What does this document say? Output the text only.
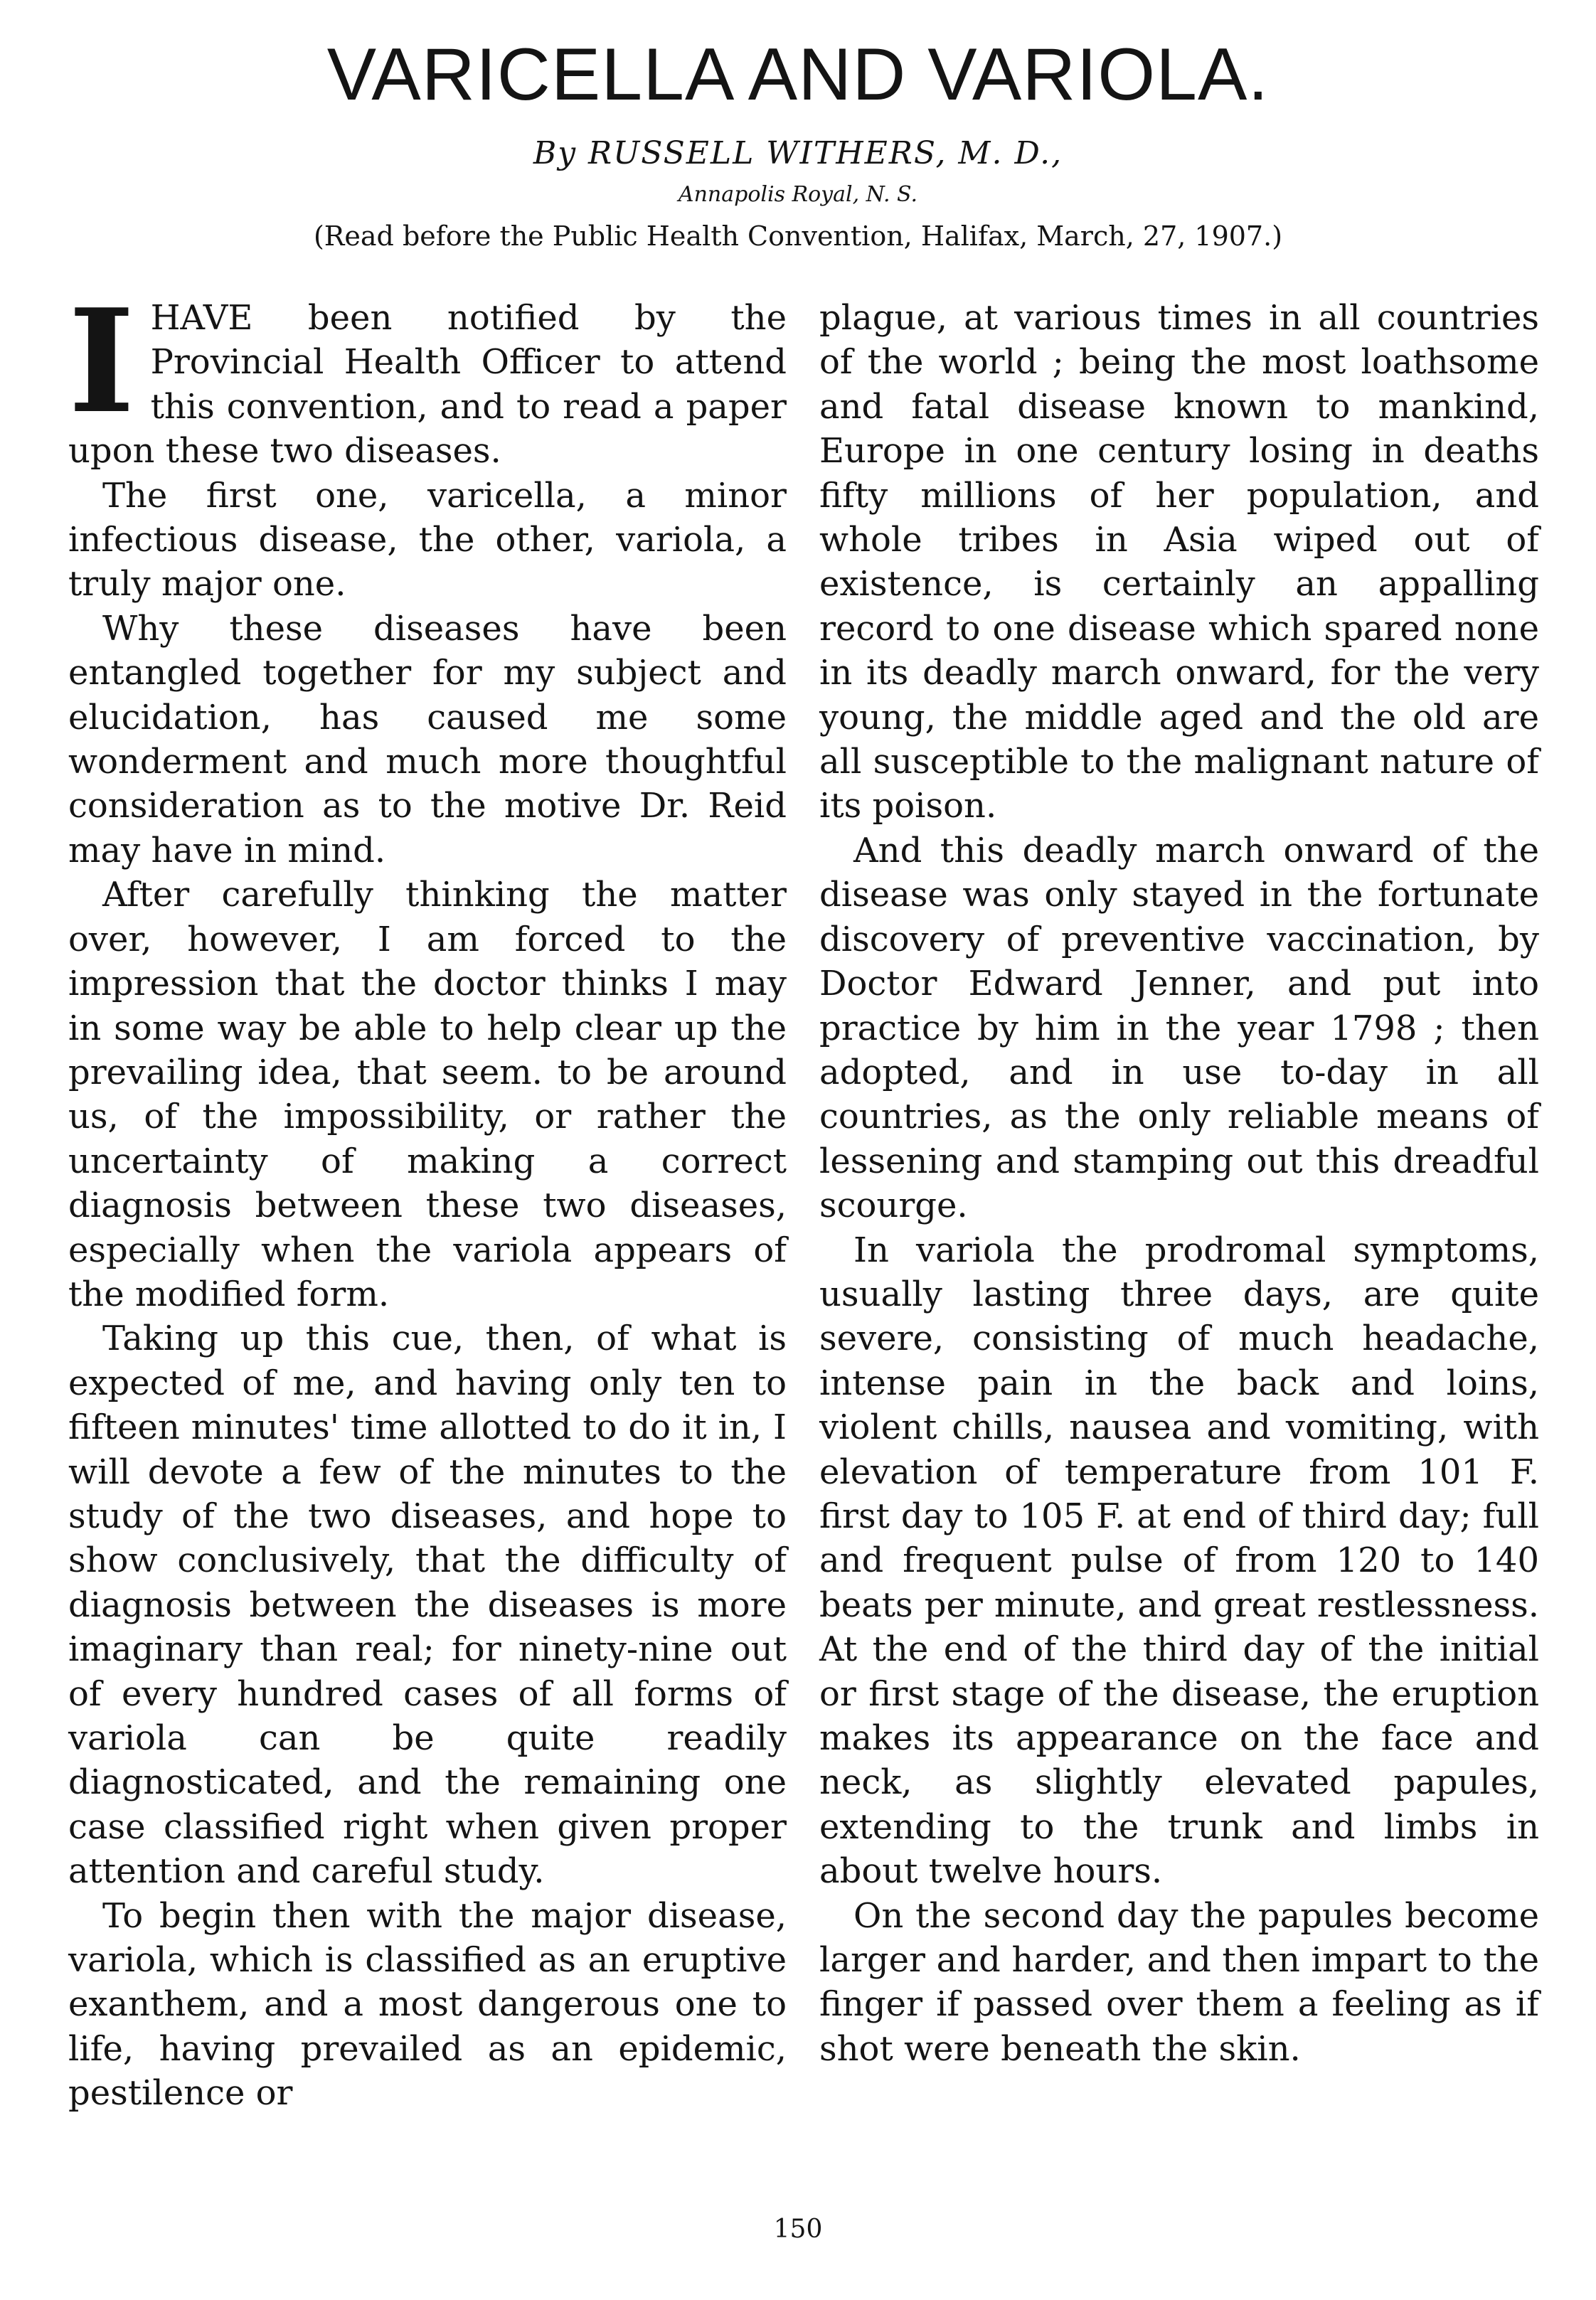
VARICELLA AND VARIOLA.

By RUSSELL WITHERS, M. D.,

Annapolis Royal, N. S.

(Read before the Public Health Convention, Halifax, March, 27, 1907.)

IHAVE been notified by the Provincial Health Officer to attend this convention, and to read a paper upon these two diseases.

The first one, varicella, a minor infectious disease, the other, variola, a truly major one.

Why these diseases have been entangled together for my subject and elucidation, has caused me some wonderment and much more thoughtful consideration as to the motive Dr. Reid may have in mind.

After carefully thinking the matter over, however, I am forced to the impression that the doctor thinks I may in some way be able to help clear up the prevailing idea, that seem. to be around us, of the impossibility, or rather the uncertainty of making a correct diagnosis between these two diseases, especially when the variola appears of the modified form.

Taking up this cue, then, of what is expected of me, and having only ten to fifteen minutes' time allotted to do it in, I will devote a few of the minutes to the study of the two diseases, and hope to show conclusively, that the difficulty of diagnosis between the diseases is more imaginary than real; for ninety-nine out of every hundred cases of all forms of variola can be quite readily diagnosticated, and the remaining one case classified right when given proper attention and careful study.

To begin then with the major disease, variola, which is classified as an eruptive exanthem, and a most dangerous one to life, having prevailed as an epidemic, pestilence or

plague, at various times in all countries of the world ; being the most loathsome and fatal disease known to mankind, Europe in one century losing in deaths fifty millions of her population, and whole tribes in Asia wiped out of existence, is certainly an appalling record to one disease which spared none in its deadly march onward, for the very young, the middle aged and the old are all susceptible to the malignant nature of its poison.

And this deadly march onward of the disease was only stayed in the fortunate discovery of preventive vaccination, by Doctor Edward Jenner, and put into practice by him in the year 1798 ; then adopted, and in use to-day in all countries, as the only reliable means of lessening and stamping out this dreadful scourge.

In variola the prodromal symptoms, usually lasting three days, are quite severe, consisting of much headache, intense pain in the back and loins, violent chills, nausea and vomiting, with elevation of temperature from 101 F. first day to 105 F. at end of third day; full and frequent pulse of from 120 to 140 beats per minute, and great restlessness. At the end of the third day of the initial or first stage of the disease, the eruption makes its appearance on the face and neck, as slightly elevated papules, extending to the trunk and limbs in about twelve hours.

On the second day the papules become larger and harder, and then impart to the finger if passed over them a feeling as if shot were beneath the skin.

150
